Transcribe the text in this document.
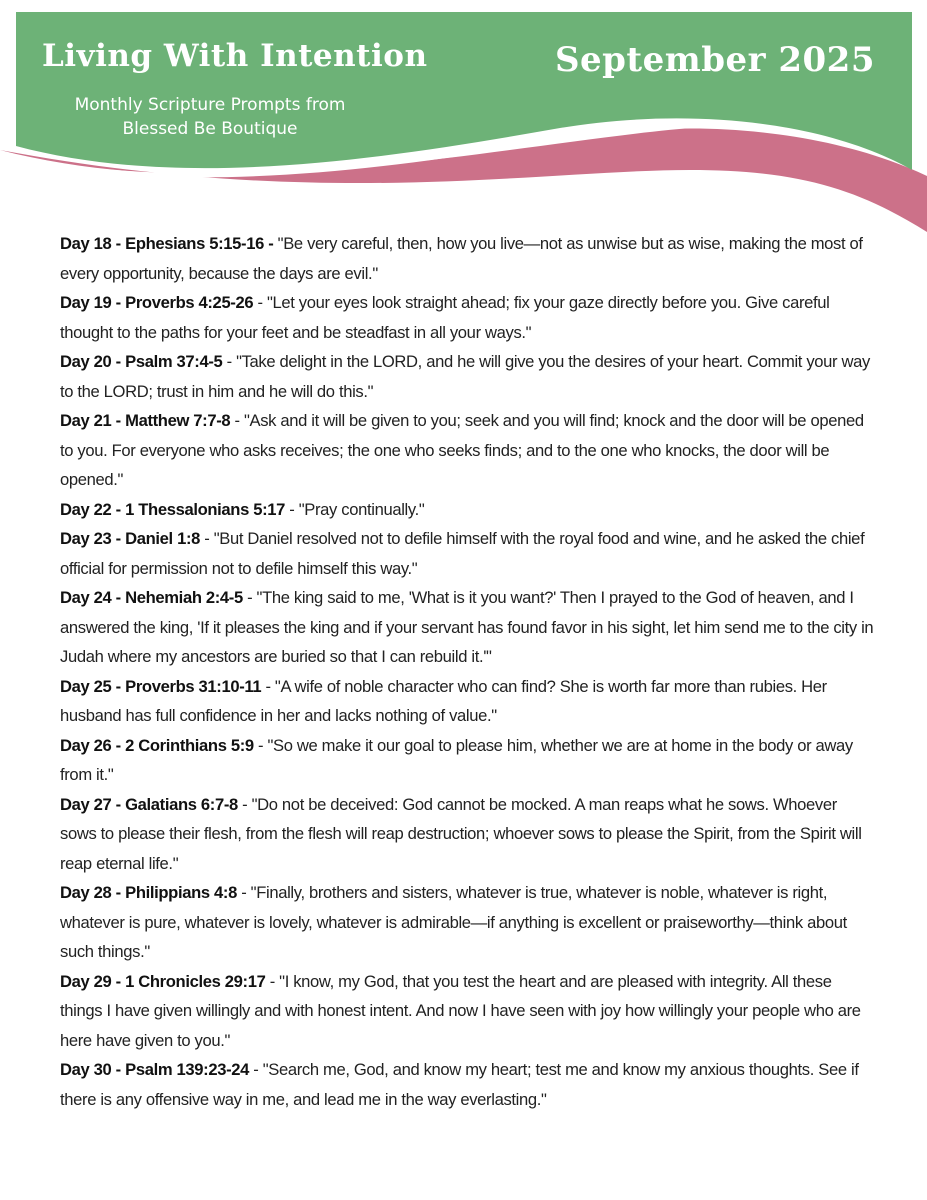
Living With Intention	September 2025

Monthly Scripture Prompts from Blessed Be Boutique

Day 18 - Ephesians 5:15-16 - "Be very careful, then, how you live—not as unwise but as wise, making the most of every opportunity, because the days are evil."

Day 19 - Proverbs 4:25-26 - "Let your eyes look straight ahead; fix your gaze directly before you. Give careful thought to the paths for your feet and be steadfast in all your ways."

Day 20 - Psalm 37:4-5 - "Take delight in the LORD, and he will give you the desires of your heart. Commit your way to the LORD; trust in him and he will do this."

Day 21 - Matthew 7:7-8 - "Ask and it will be given to you; seek and you will find; knock and the door will be opened to you. For everyone who asks receives; the one who seeks finds; and to the one who knocks, the door will be opened."

Day 22 - 1 Thessalonians 5:17 - "Pray continually."

Day 23 - Daniel 1:8 - "But Daniel resolved not to defile himself with the royal food and wine, and he asked the chief official for permission not to defile himself this way."

Day 24 - Nehemiah 2:4-5 - "The king said to me, 'What is it you want?' Then I prayed to the God of heaven, and I answered the king, 'If it pleases the king and if your servant has found favor in his sight, let him send me to the city in Judah where my ancestors are buried so that I can rebuild it.'"

Day 25 - Proverbs 31:10-11 - "A wife of noble character who can find? She is worth far more than rubies. Her husband has full confidence in her and lacks nothing of value."

Day 26 - 2 Corinthians 5:9 - "So we make it our goal to please him, whether we are at home in the body or away from it."

Day 27 - Galatians 6:7-8 - "Do not be deceived: God cannot be mocked. A man reaps what he sows. Whoever sows to please their flesh, from the flesh will reap destruction; whoever sows to please the Spirit, from the Spirit will reap eternal life."

Day 28 - Philippians 4:8 - "Finally, brothers and sisters, whatever is true, whatever is noble, whatever is right, whatever is pure, whatever is lovely, whatever is admirable—if anything is excellent or praiseworthy—think about such things."

Day 29 - 1 Chronicles 29:17 - "I know, my God, that you test the heart and are pleased with integrity. All these things I have given willingly and with honest intent. And now I have seen with joy how willingly your people who are here have given to you."

Day 30 - Psalm 139:23-24 - "Search me, God, and know my heart; test me and know my anxious thoughts. See if there is any offensive way in me, and lead me in the way everlasting."
